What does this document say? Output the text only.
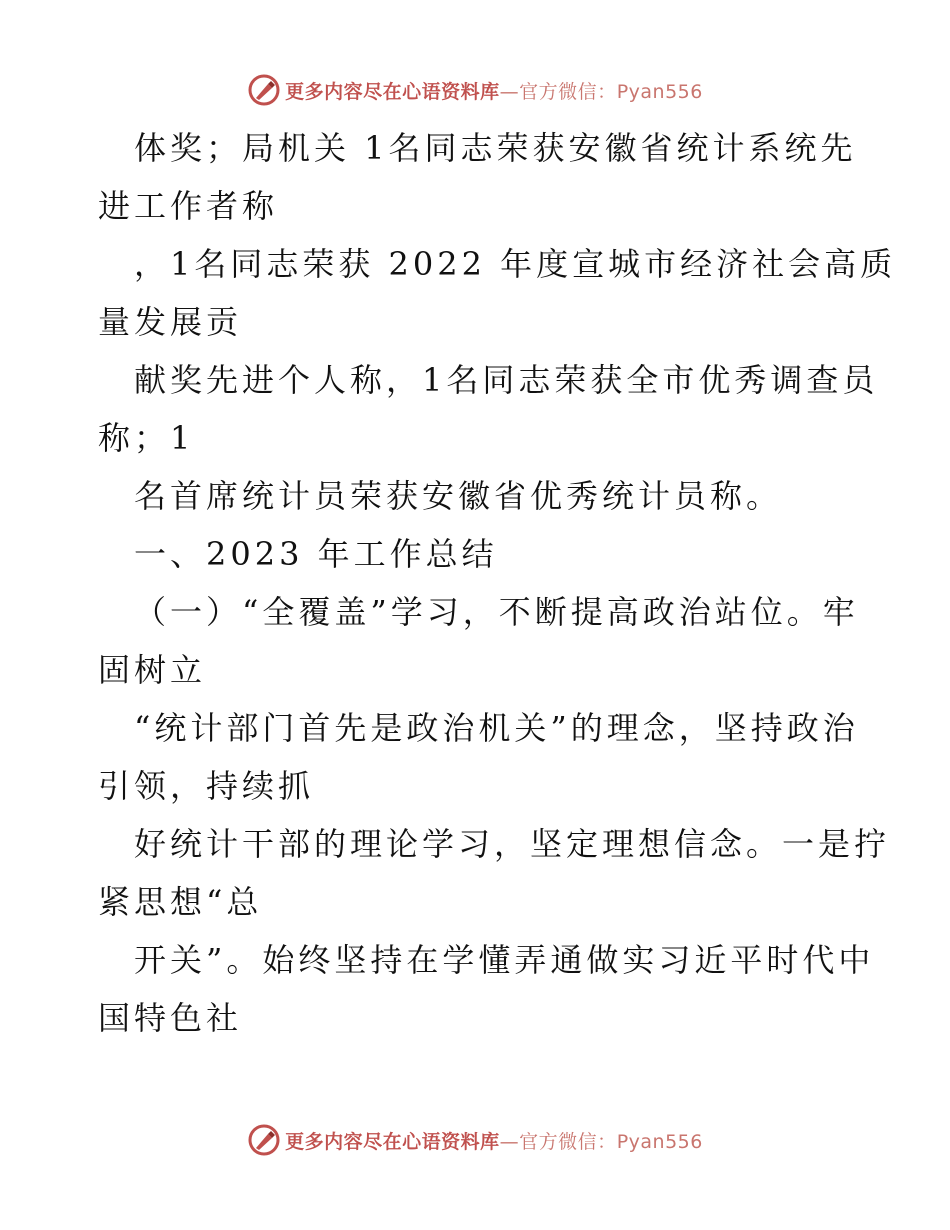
更多内容尽在心语资料库—官方微信：Pyan556
体奖；局机关 1名同志荣获安徽省统计系统先
进工作者称
，1名同志荣获 2022 年度宣城市经济社会高质
量发展贡
献奖先进个人称，1名同志荣获全市优秀调查员
称；1
名首席统计员荣获安徽省优秀统计员称。
一、2023 年工作总结
（一）“全覆盖”学习，不断提高政治站位。牢
固树立
“统计部门首先是政治机关”的理念，坚持政治
引领，持续抓
好统计干部的理论学习，坚定理想信念。一是拧
紧思想“总
开关”。始终坚持在学懂弄通做实习近平时代中
国特色社
更多内容尽在心语资料库—官方微信：Pyan556
